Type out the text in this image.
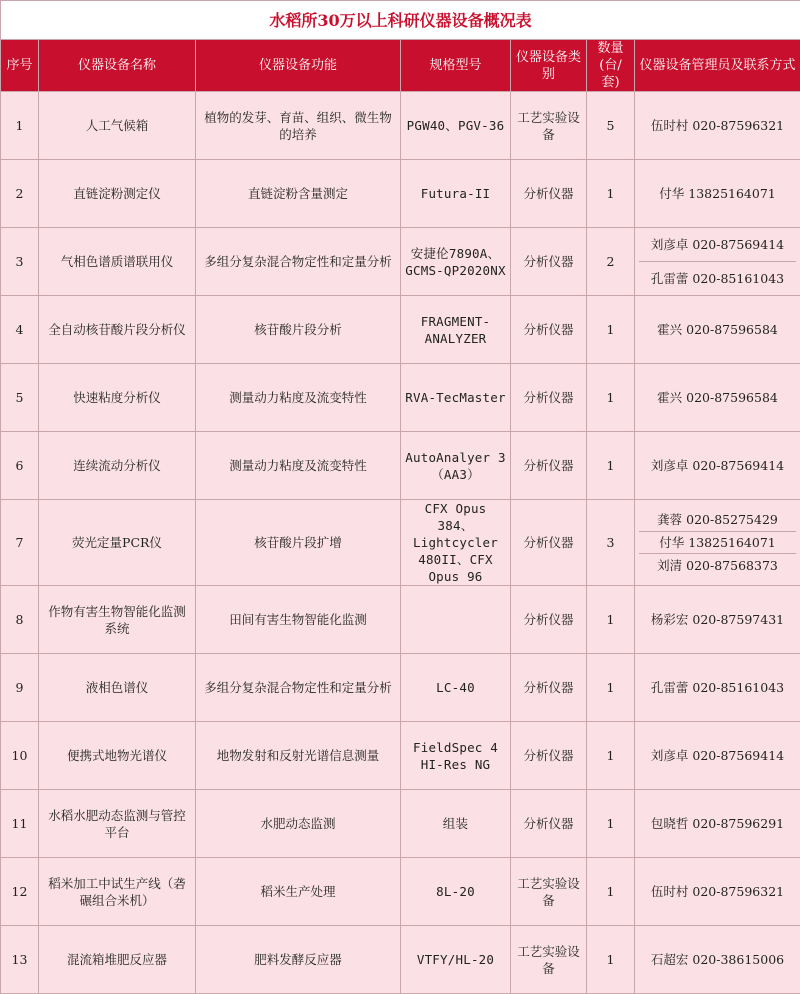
水稻所30万以上科研仪器设备概况表						
序号	仪器设备名称	仪器设备功能	规格型号	仪器设备类别	数量(台/套)	仪器设备管理员及联系方式
1	人工气候箱	植物的发芽、育苗、组织、微生物的培养	PGW40、PGV-36	工艺实验设备	5	伍时村 020-87596321

2	直链淀粉测定仪	直链淀粉含量测定	Futura-II	分析仪器	1	付华 13825164071

3	气相色谱质谱联用仪	多组分复杂混合物定性和定量分析	安捷伦7890A、GCMS-QP2020NX	分析仪器	2	刘彦卓 020-87569414
孔雷蕾 020-85161043

4	全自动核苷酸片段分析仪	核苷酸片段分析	FRAGMENT-ANALYZER	分析仪器	1	霍兴 020-87596584

5	快速粘度分析仪	测量动力粘度及流变特性	RVA-TecMaster	分析仪器	1	霍兴 020-87596584

6	连续流动分析仪	测量动力粘度及流变特性	AutoAnalyer 3（AA3）	分析仪器	1	刘彦卓 020-87569414

7	荧光定量PCR仪	核苷酸片段扩增	CFX Opus 384、Lightcycler 480II、CFX Opus 96	分析仪器	3	龚蓉 020-85275429
付华 13825164071
刘清 020-87568373

8	作物有害生物智能化监测系统	田间有害生物智能化监测		分析仪器	1	杨彩宏 020-87597431

9	液相色谱仪	多组分复杂混合物定性和定量分析	LC-40	分析仪器	1	孔雷蕾 020-85161043

10	便携式地物光谱仪	地物发射和反射光谱信息测量	FieldSpec 4 HI-Res NG	分析仪器	1	刘彦卓 020-87569414

11	水稻水肥动态监测与管控平台	水肥动态监测	组装	分析仪器	1	包晓哲 020-87596291

12	稻米加工中试生产线（砻碾组合米机）	稻米生产处理	8L-20	工艺实验设备	1	伍时村 020-87596321

13	混流箱堆肥反应器	肥料发酵反应器	VTFY/HL-20	工艺实验设备	1	石超宏 020-38615006
